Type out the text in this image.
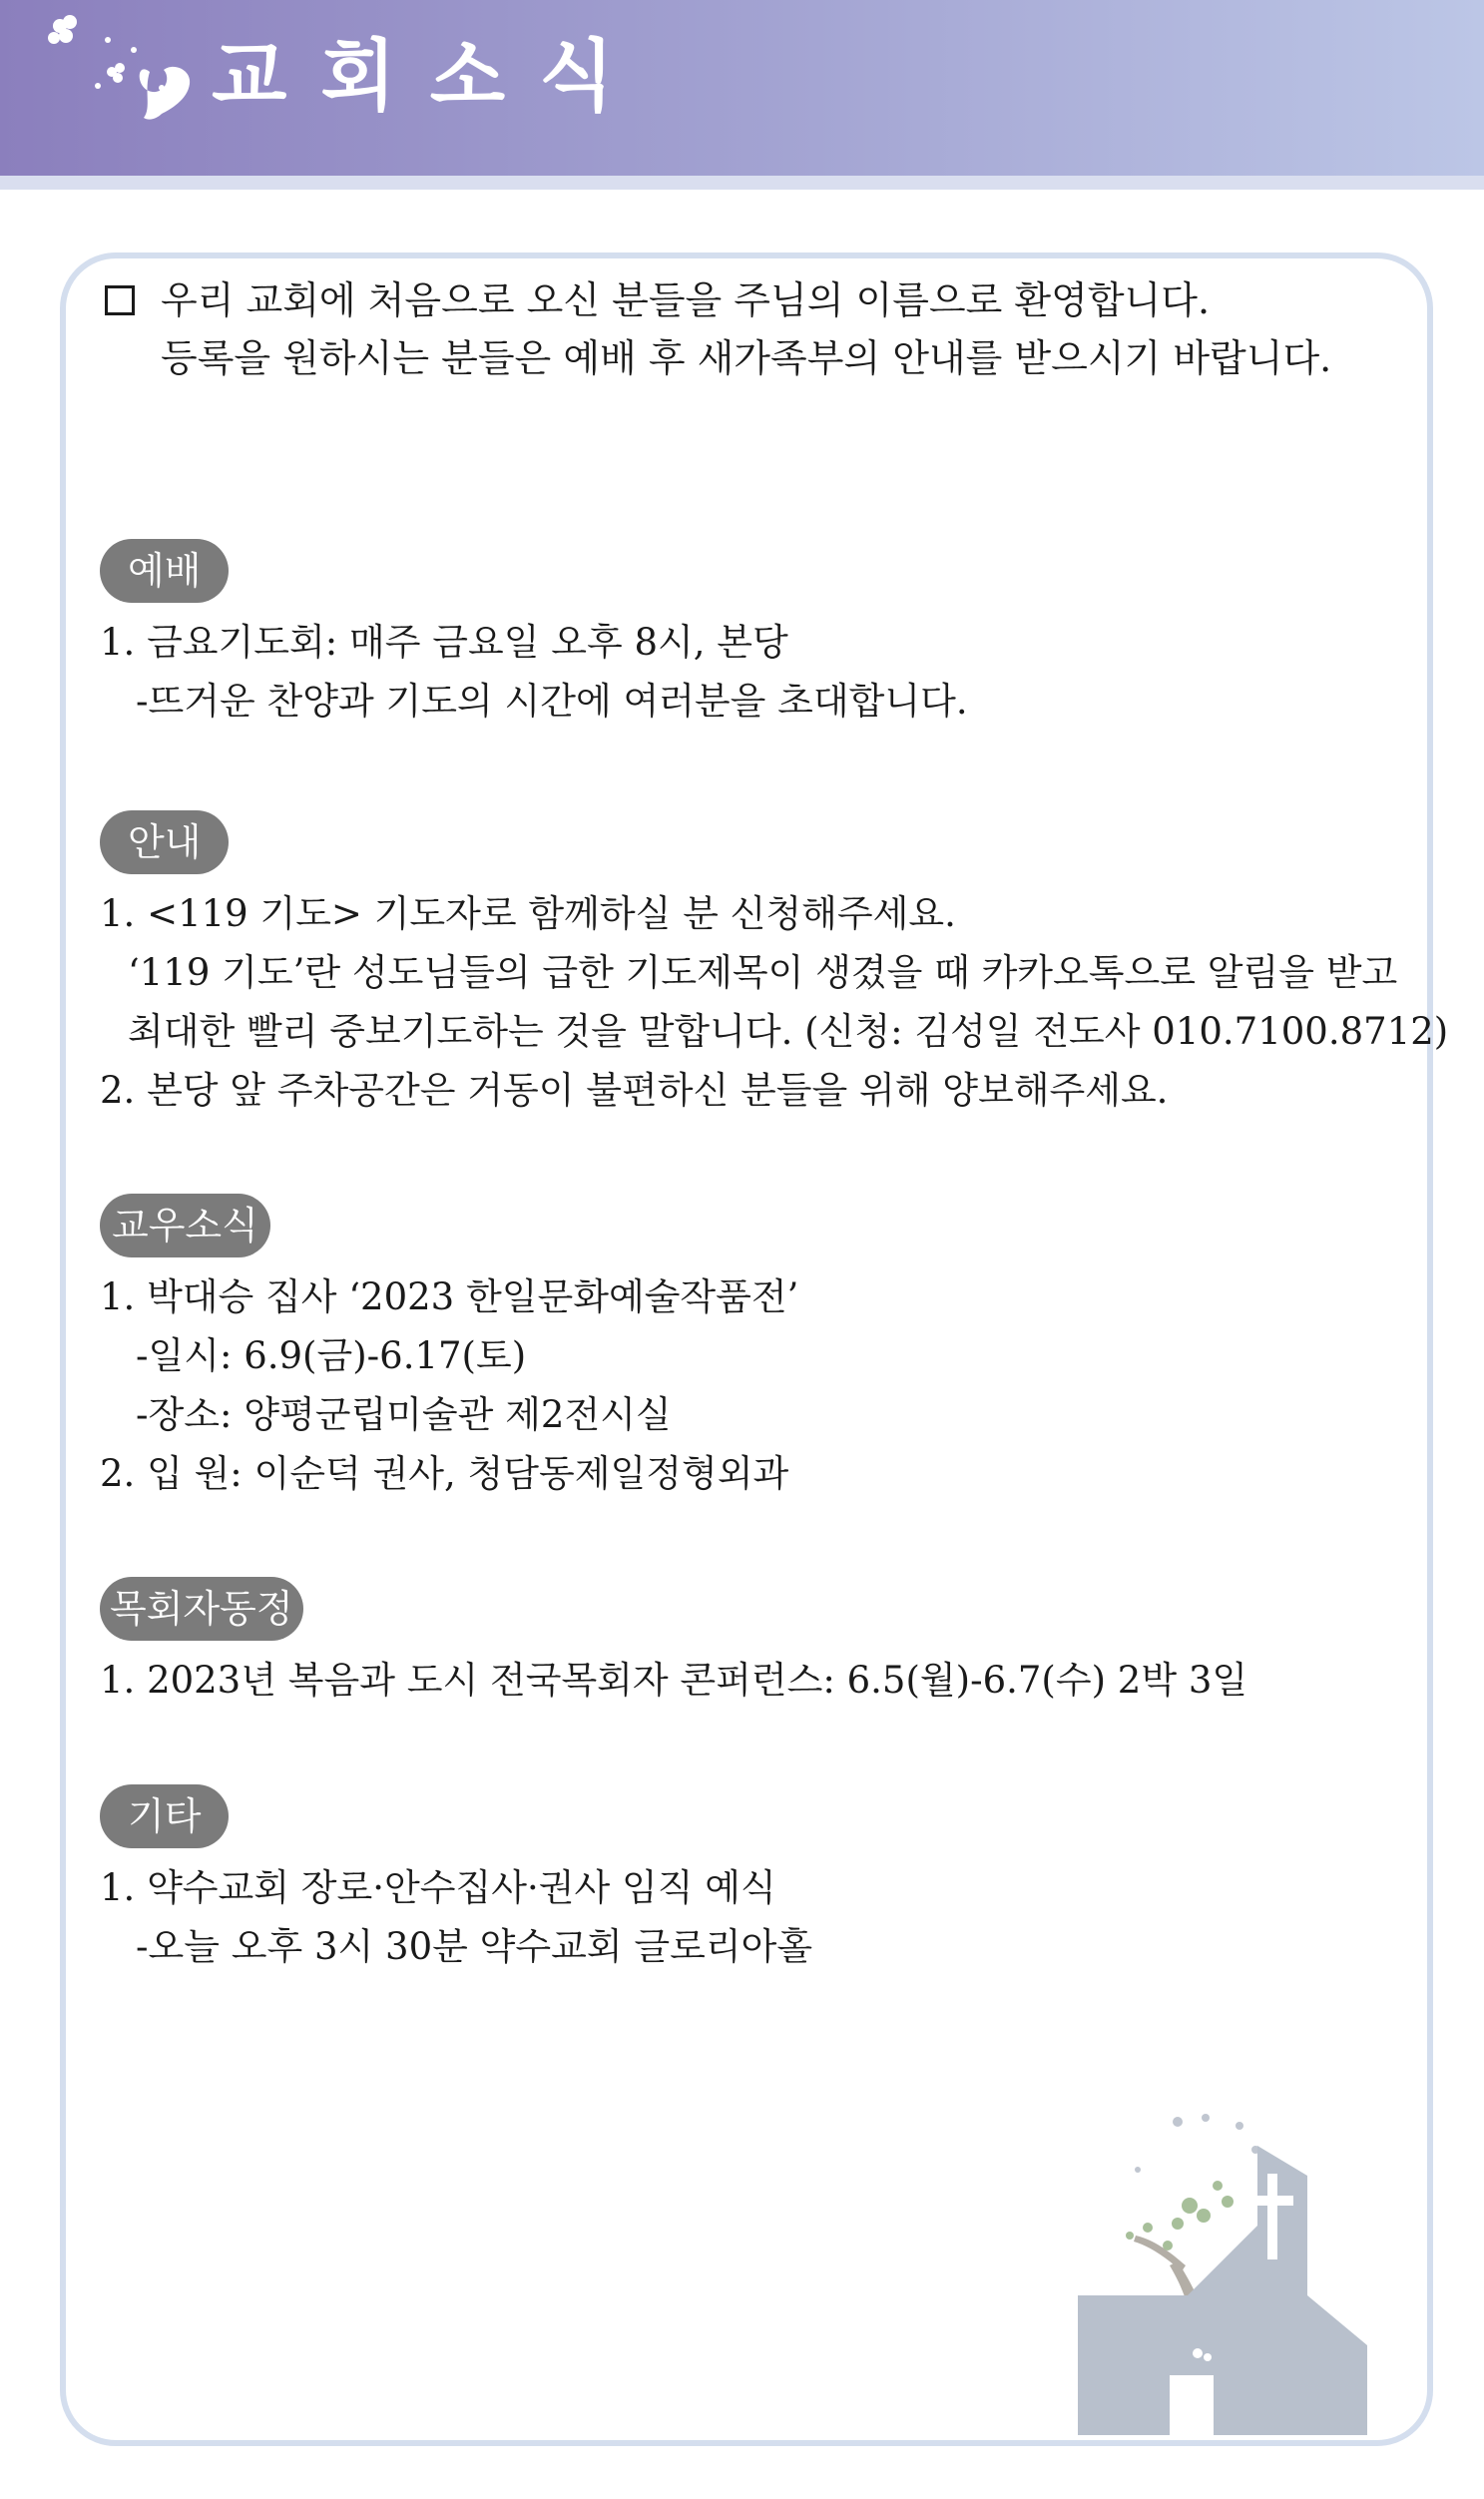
교회소식
우리 교회에 처음으로 오신 분들을 주님의 이름으로 환영합니다.
등록을 원하시는 분들은 예배 후 새가족부의 안내를 받으시기 바랍니다.
예배
1. 금요기도회: 매주 금요일 오후 8시, 본당
-뜨거운 찬양과 기도의 시간에 여러분을 초대합니다.
안내
1. <119 기도> 기도자로 함께하실 분 신청해주세요.
‘119 기도’란 성도님들의 급한 기도제목이 생겼을 때 카카오톡으로 알림을 받고
최대한 빨리 중보기도하는 것을 말합니다. (신청: 김성일 전도사 010.7100.8712)
2. 본당 앞 주차공간은 거동이 불편하신 분들을 위해 양보해주세요.
교우소식
1. 박대승 집사 ‘2023 한일문화예술작품전’
-일시: 6.9(금)-6.17(토)
-장소: 양평군립미술관 제2전시실
2. 입 원: 이순덕 권사, 청담동제일정형외과
목회자동정
1. 2023년 복음과 도시 전국목회자 콘퍼런스: 6.5(월)-6.7(수) 2박 3일
기타
1. 약수교회 장로·안수집사·권사 임직 예식
-오늘 오후 3시 30분 약수교회 글로리아홀
